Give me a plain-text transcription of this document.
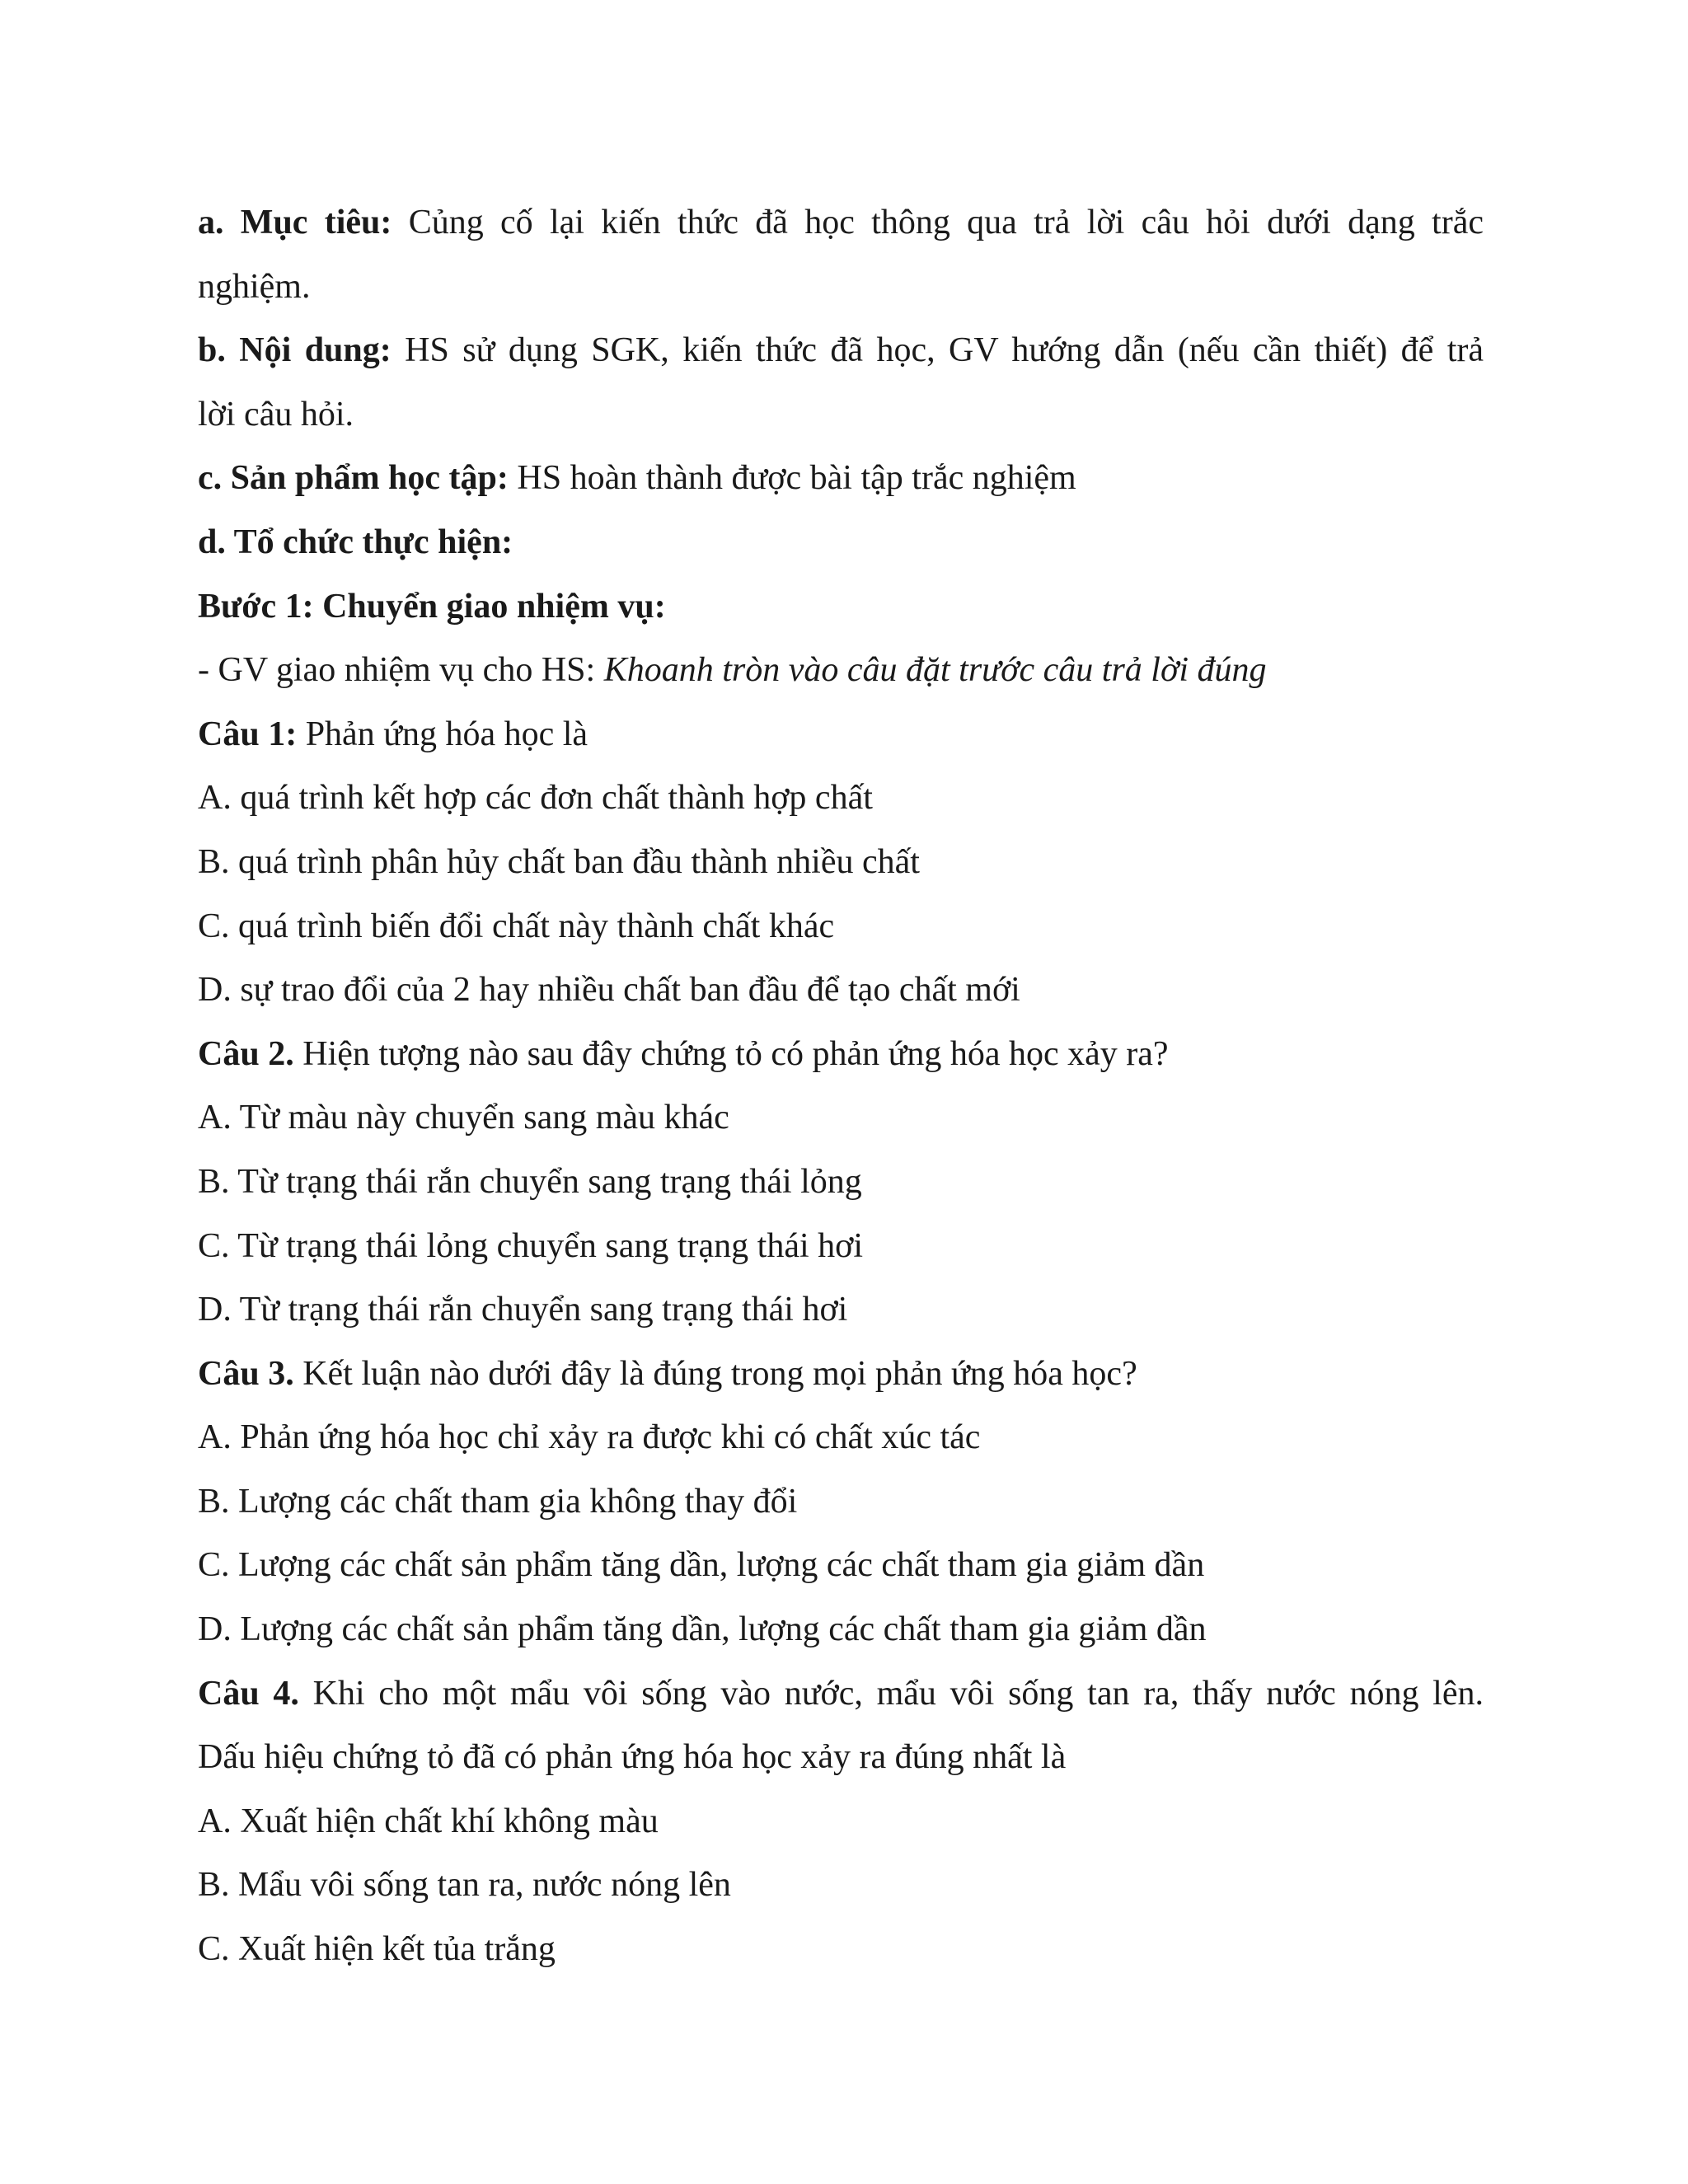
a. Mục tiêu: Củng cố lại kiến thức đã học thông qua trả lời câu hỏi dưới dạng trắc
nghiệm.
b. Nội dung: HS sử dụng SGK, kiến thức đã học, GV hướng dẫn (nếu cần thiết) để trả
lời câu hỏi.
c. Sản phẩm học tập: HS hoàn thành được bài tập trắc nghiệm
d. Tổ chức thực hiện:
Bước 1: Chuyển giao nhiệm vụ:
- GV giao nhiệm vụ cho HS: Khoanh tròn vào câu đặt trước câu trả lời đúng
Câu 1: Phản ứng hóa học là
A. quá trình kết hợp các đơn chất thành hợp chất
B. quá trình phân hủy chất ban đầu thành nhiều chất
C. quá trình biến đổi chất này thành chất khác
D. sự trao đổi của 2 hay nhiều chất ban đầu để tạo chất mới
Câu 2. Hiện tượng nào sau đây chứng tỏ có phản ứng hóa học xảy ra?
A. Từ màu này chuyển sang màu khác
B. Từ trạng thái rắn chuyển sang trạng thái lỏng
C. Từ trạng thái lỏng chuyển sang trạng thái hơi
D. Từ trạng thái rắn chuyển sang trạng thái hơi
Câu 3. Kết luận nào dưới đây là đúng trong mọi phản ứng hóa học?
A. Phản ứng hóa học chỉ xảy ra được khi có chất xúc tác
B. Lượng các chất tham gia không thay đổi
C. Lượng các chất sản phẩm tăng dần, lượng các chất tham gia giảm dần
D. Lượng các chất sản phẩm tăng dần, lượng các chất tham gia giảm dần
Câu 4. Khi cho một mẩu vôi sống vào nước, mẩu vôi sống tan ra, thấy nước nóng lên.
Dấu hiệu chứng tỏ đã có phản ứng hóa học xảy ra đúng nhất là
A. Xuất hiện chất khí không màu
B. Mẩu vôi sống tan ra, nước nóng lên
C. Xuất hiện kết tủa trắng
